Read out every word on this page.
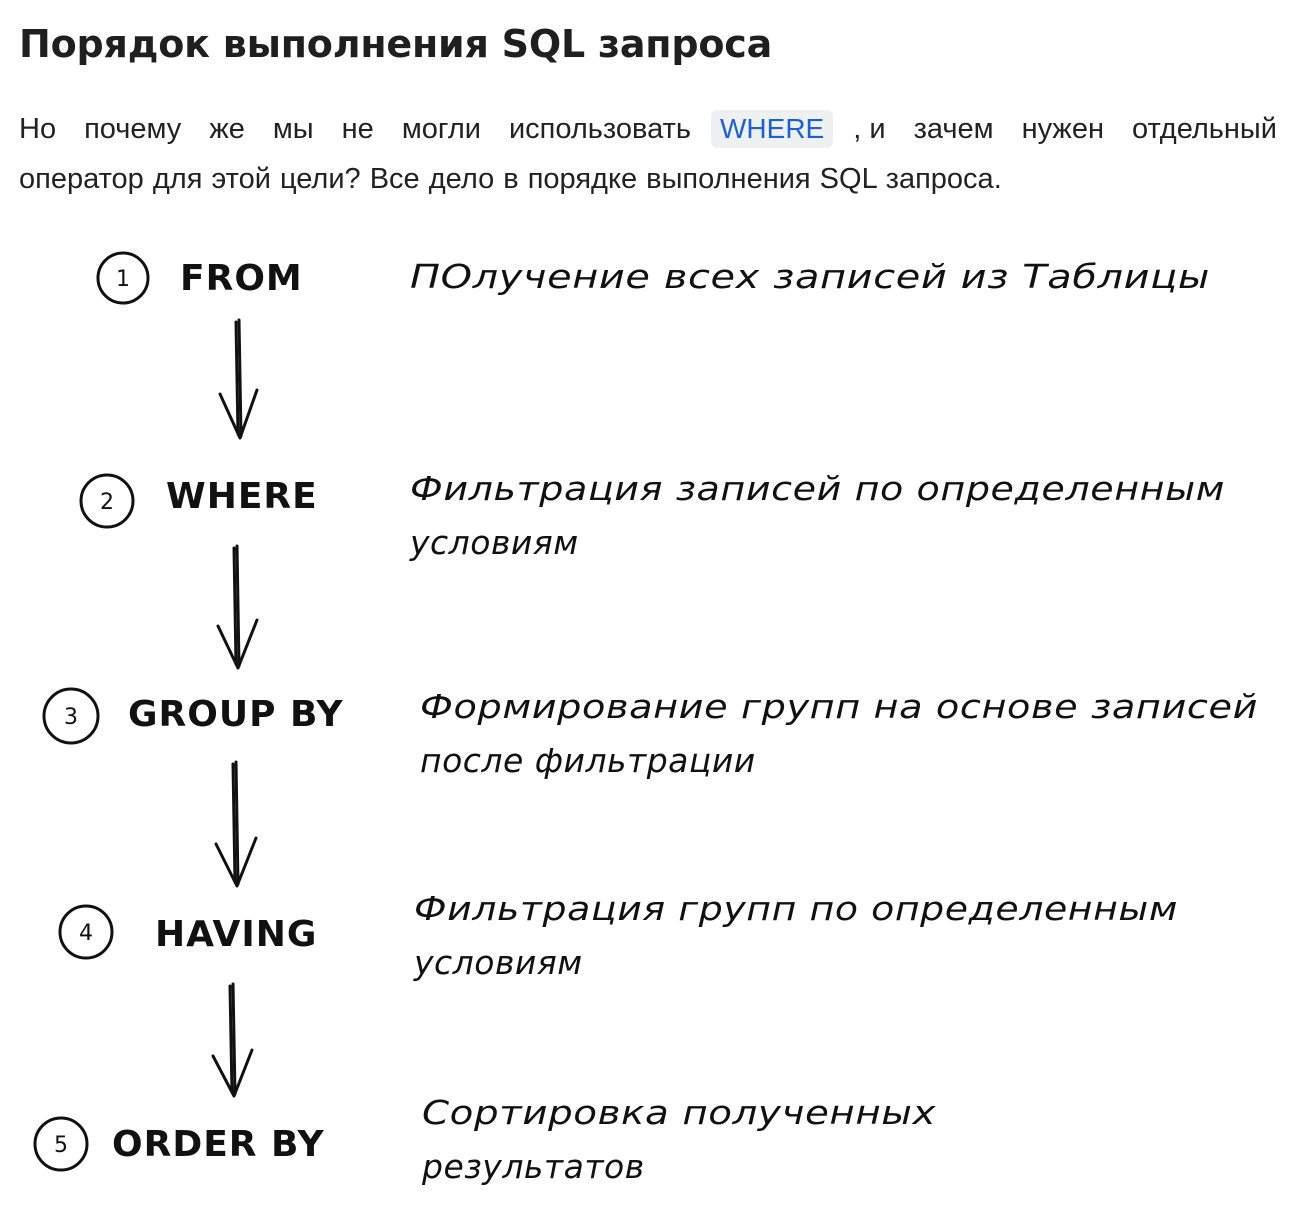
Порядок выполнения SQL запроса
Но почему же мы не могли использовать	WHERE	, и зачем нужен отдельный
оператор для этой цели? Все дело в порядке выполнения SQL запроса.
1 FROM	ПОлучение всех записей из Таблицы
2 WHERE	Фильтрация записей по определенным
условиям
3 GROUP BY Формирование групп на основе записей
после фильтрации
4 HAVING
Фильтрация групп по определенным
условиям
5 ORDER BY
Сортировка полученных
результатов
